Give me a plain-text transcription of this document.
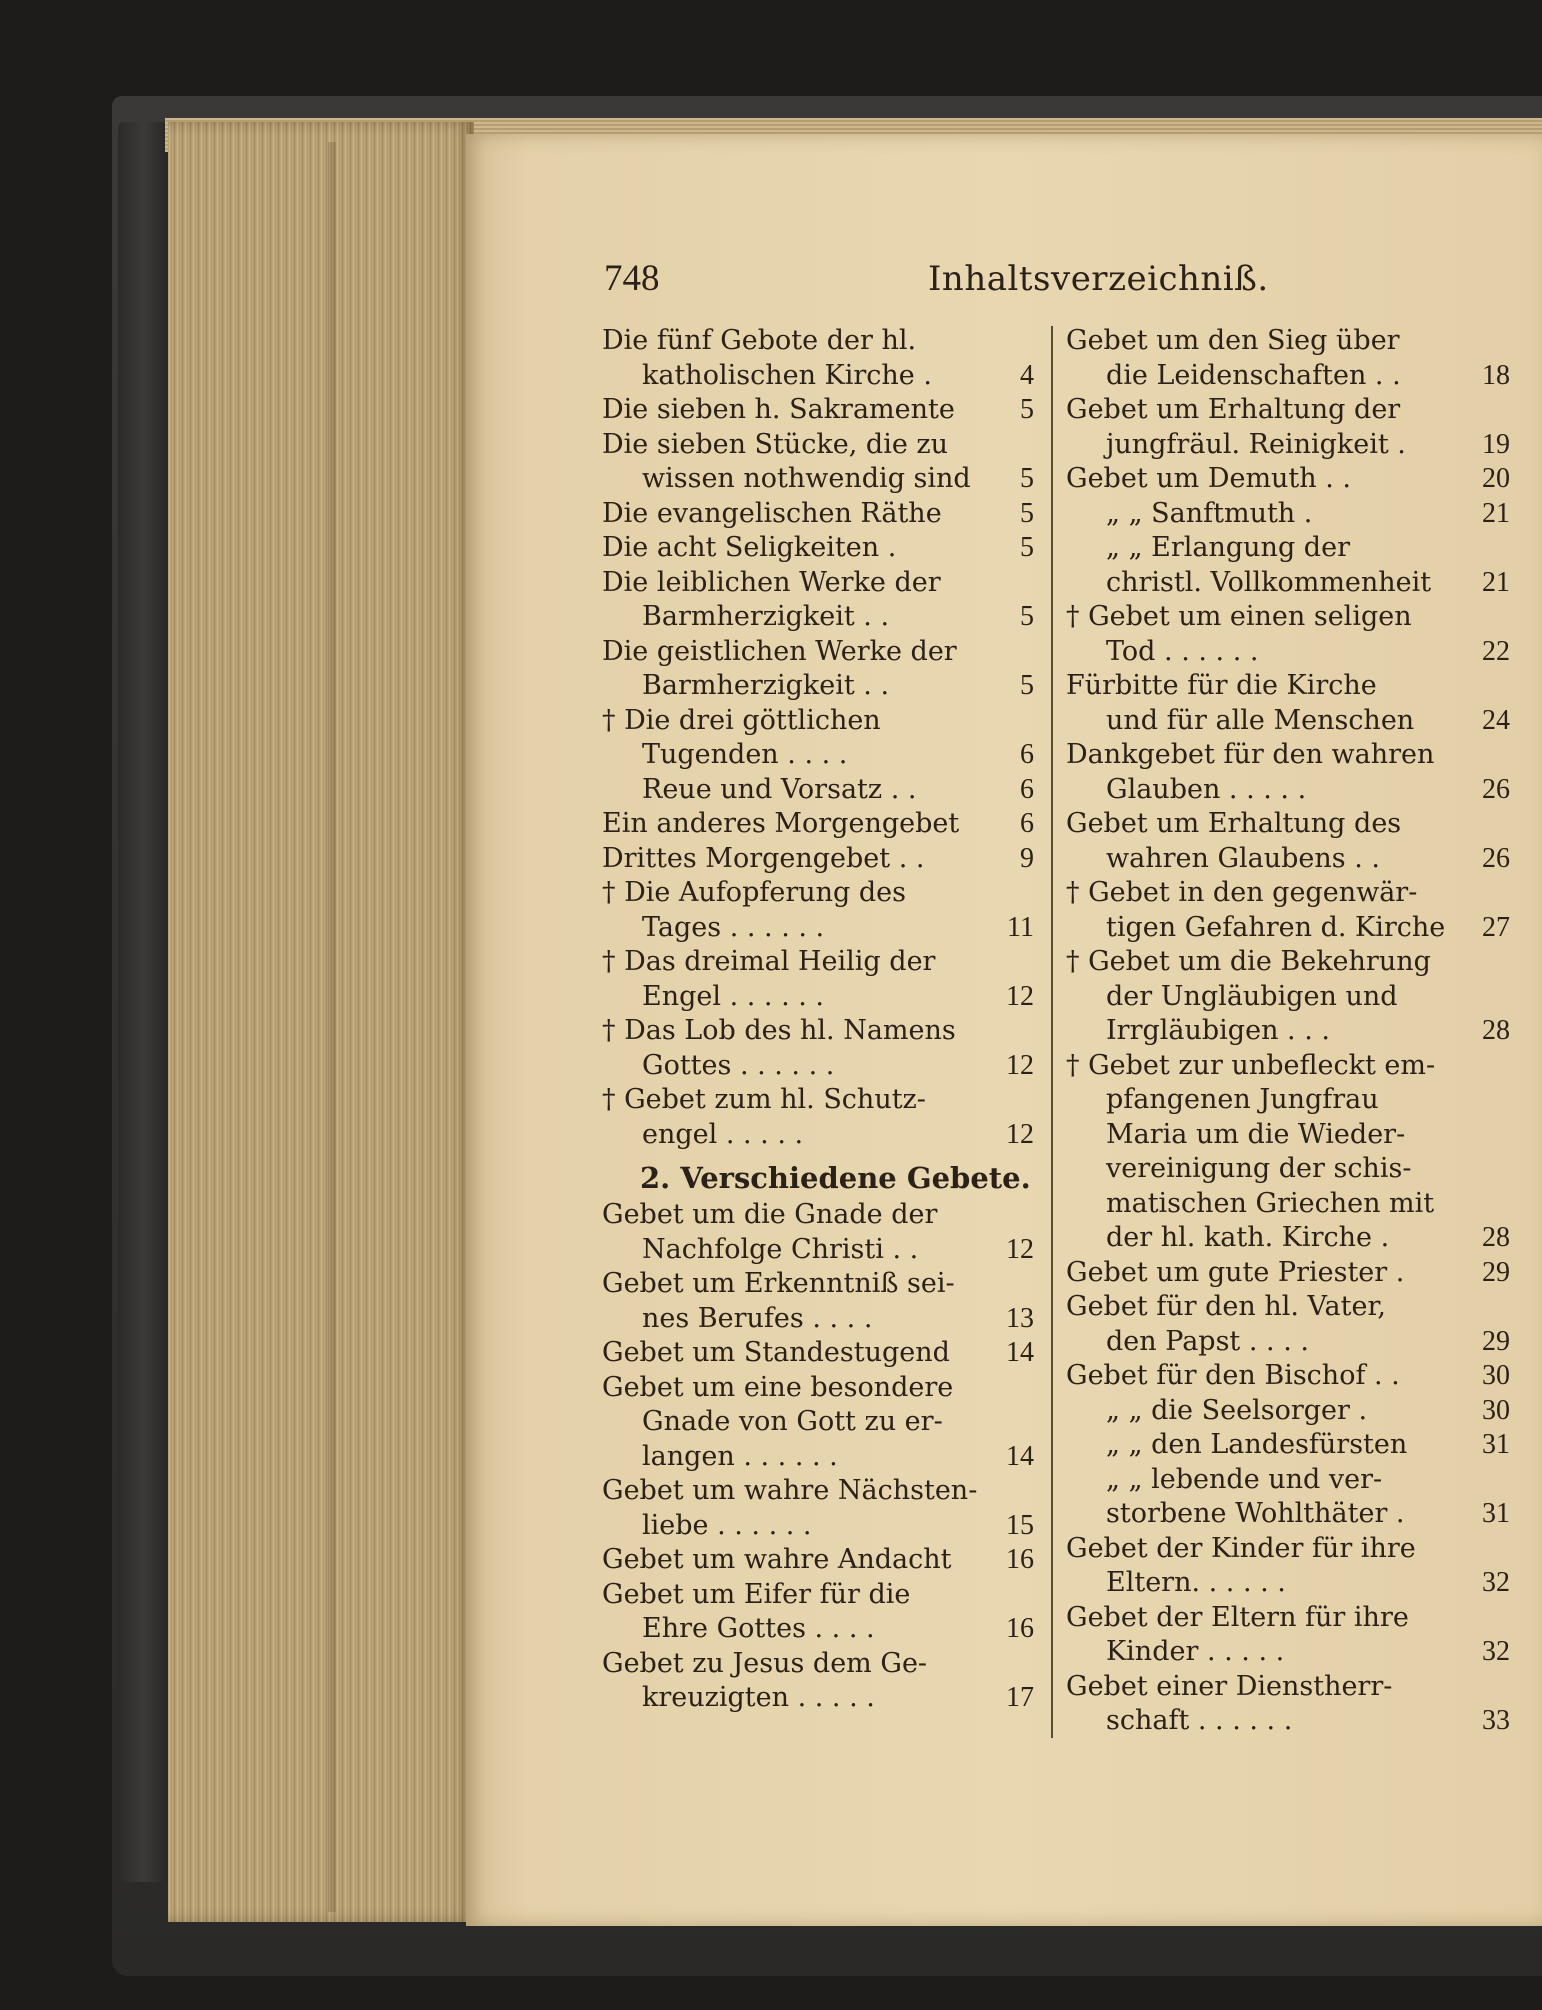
748	Inhaltsverzeichniß.
Die fünf Gebote der hl.
katholischen Kirche .	4
Die sieben h. Sakramente 5
Die sieben Stücke, die zu
wissen nothwendig sind 5
Die evangelischen Räthe	5
Die acht Seligkeiten .	5
Die leiblichen Werke der
Barmherzigkeit . .	5
Die geistlichen Werke der
Barmherzigkeit . .	5
† Die drei göttlichen
Tugenden . . . .	6
Reue und Vorsatz . .	6
Ein anderes Morgengebet 6
Drittes Morgengebet . .	9
† Die Aufopferung des
Tages . . . . . .	11
† Das dreimal Heilig der
Engel . . . . . .	12
† Das Lob des hl. Namens
Gottes . . . . . .	12
† Gebet zum hl. Schutz-
engel . . . . .	12
2. Verschiedene Gebete.
Gebet um die Gnade der
Nachfolge Christi . .	12
Gebet um Erkenntniß sei-
nes Berufes . . . .	13
Gebet um Standestugend 14
Gebet um eine besondere
Gnade von Gott zu er-
langen . . . . . .	14
Gebet um wahre Nächsten-
liebe . . . . . .	15
Gebet um wahre Andacht 16
Gebet um Eifer für die
Ehre Gottes . . . .	16
Gebet zu Jesus dem Ge-
kreuzigten . . . . .	17
Gebet um den Sieg über
die Leidenschaften . .	18
Gebet um Erhaltung der
jungfräul. Reinigkeit .	19
Gebet um Demuth . .	20
„ „ Sanftmuth .	21
„ „ Erlangung der
christl. Vollkommenheit 21
† Gebet um einen seligen
Tod . . . . . .	22
Fürbitte für die Kirche
und für alle Menschen 24
Dankgebet für den wahren
Glauben . . . . .	26
Gebet um Erhaltung des
wahren Glaubens . .	26
† Gebet in den gegenwär-
tigen Gefahren d. Kirche 27
† Gebet um die Bekehrung
der Ungläubigen und
Irrgläubigen . . .	28
† Gebet zur unbefleckt em-
pfangenen Jungfrau
Maria um die Wieder-
vereinigung der schis-
matischen Griechen mit
der hl. kath. Kirche .	28
Gebet um gute Priester .	29
Gebet für den hl. Vater,
den Papst . . . .	29
Gebet für den Bischof . .	30
„ „ die Seelsorger .	30
„ „ den Landesfürsten	31
„ „ lebende und ver-
storbene Wohlthäter .	31
Gebet der Kinder für ihre
Eltern. . . . . .	32
Gebet der Eltern für ihre
Kinder . . . . .	32
Gebet einer Dienstherr-
schaft . . . . . .	33
